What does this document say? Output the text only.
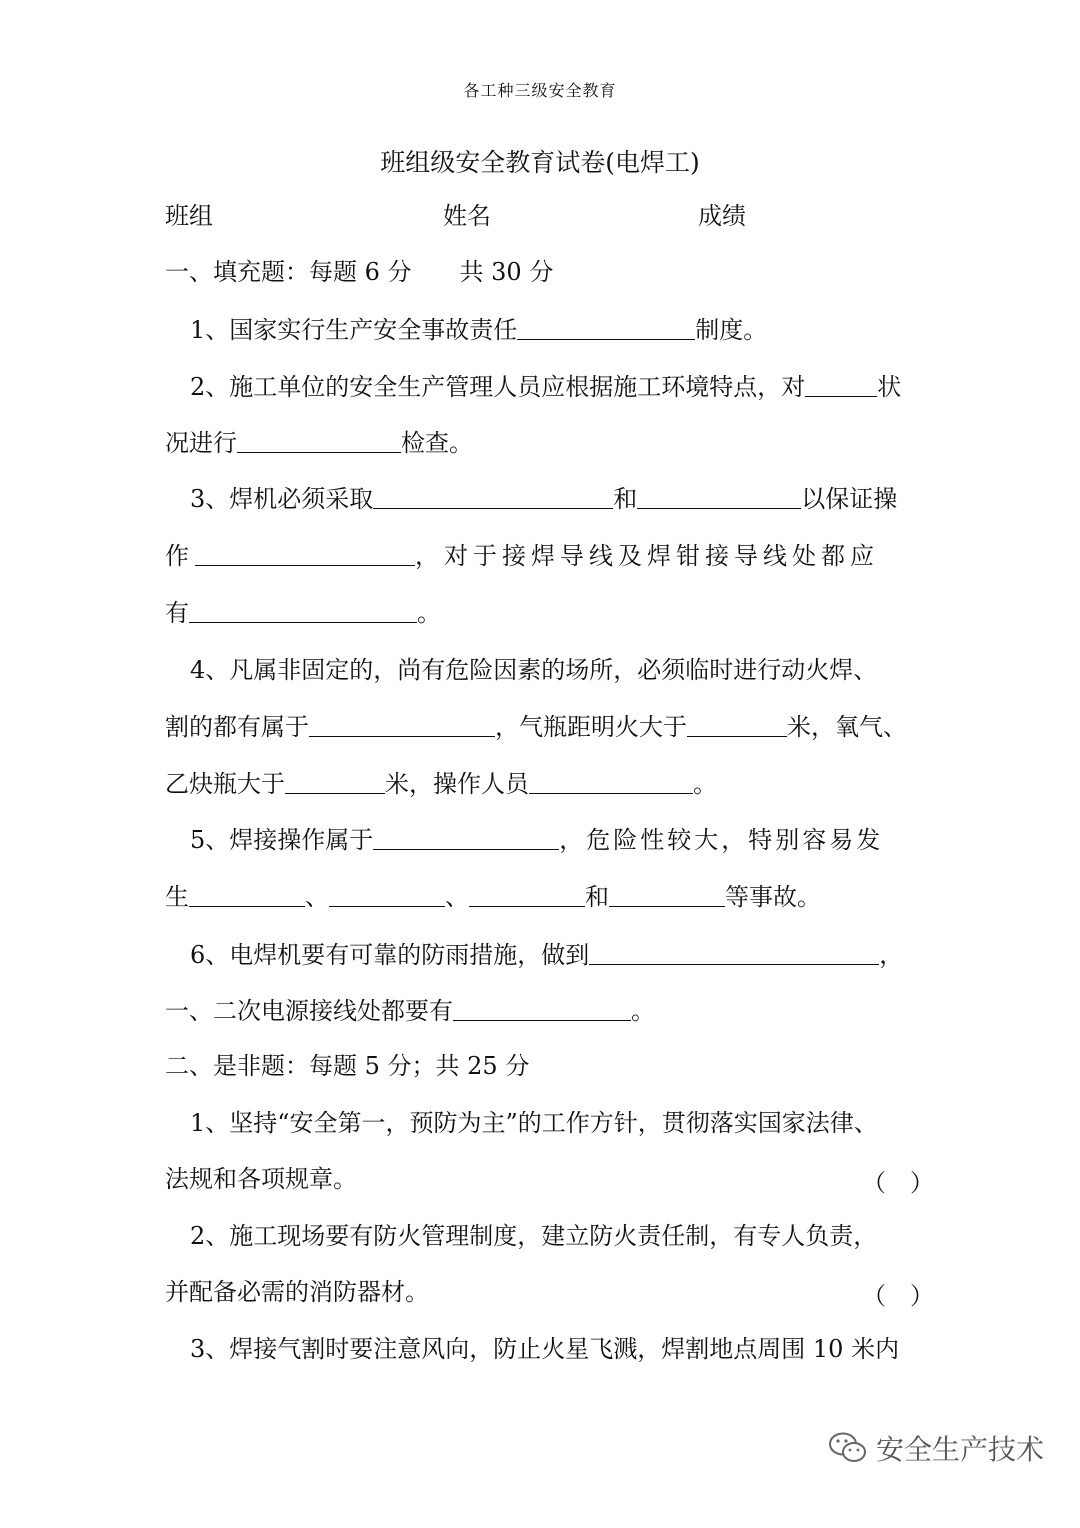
各工种三级安全教育
班组级安全教育试卷(电焊工)
班组	姓名	成绩
一、填充题：每题 6 分　　共 30 分
1、国家实行生产安全事故责任	制度。
2、施工单位的安全生产管理人员应根据施工环境特点，对	状
况进行	检查。
3、焊机必须采取	和	以保证操
作	，对于接焊导线及焊钳接导线处都应
有	。
4、凡属非固定的，尚有危险因素的场所，必须临时进行动火焊、
割的都有属于	，气瓶距明火大于	米，氧气、
乙炔瓶大于	米，操作人员	。
5、焊接操作属于	，危险性较大，特别容易发
生	、	、	和	等事故。
6、电焊机要有可靠的防雨措施，做到	，
一、二次电源接线处都要有	。
二、是非题：每题 5 分；共 25 分
1、坚持“安全第一，预防为主”的工作方针，贯彻落实国家法律、
法规和各项规章。	（　）
2、施工现场要有防火管理制度，建立防火责任制，有专人负责，
并配备必需的消防器材。	（　）
3、焊接气割时要注意风向，防止火星飞溅，焊割地点周围 10 米内
安全生产技术
